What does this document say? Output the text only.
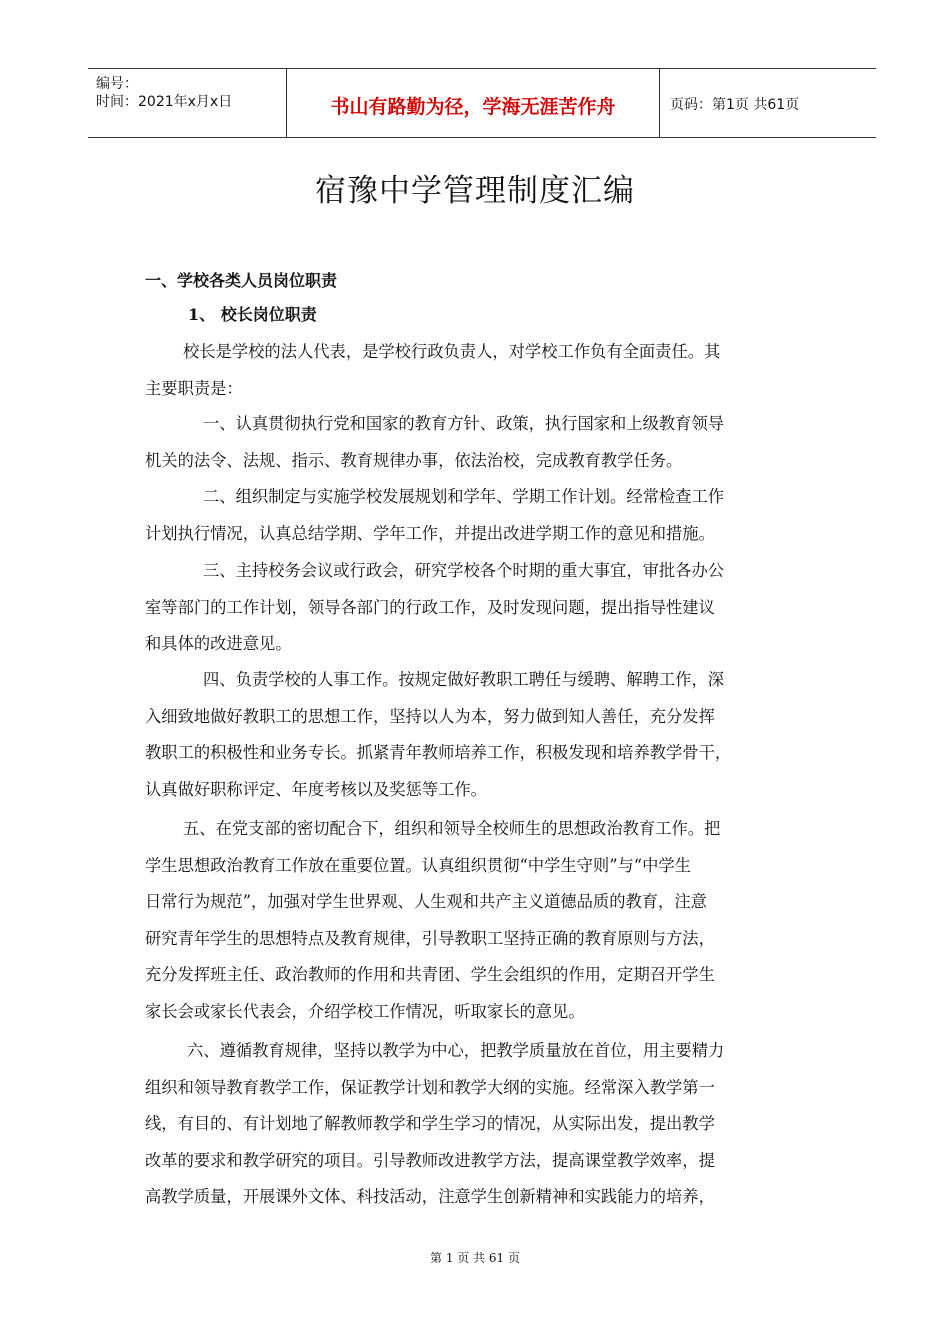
编号：
时间：2021年x月x日	书山有路勤为径，学海无涯苦作舟	页码：第1页 共61页
宿豫中学管理制度汇编
一、学校各类人员岗位职责
1、 校长岗位职责
校长是学校的法人代表，是学校行政负责人，对学校工作负有全面责任。其
主要职责是：
一、认真贯彻执行党和国家的教育方针、政策，执行国家和上级教育领导
机关的法令、法规、指示、教育规律办事，依法治校，完成教育教学任务。
二、组织制定与实施学校发展规划和学年、学期工作计划。经常检查工作
计划执行情况，认真总结学期、学年工作，并提出改进学期工作的意见和措施。
三、主持校务会议或行政会，研究学校各个时期的重大事宜，审批各办公
室等部门的工作计划，领导各部门的行政工作，及时发现问题，提出指导性建议
和具体的改进意见。
四、负责学校的人事工作。按规定做好教职工聘任与缓聘、解聘工作，深
入细致地做好教职工的思想工作，坚持以人为本，努力做到知人善任，充分发挥
教职工的积极性和业务专长。抓紧青年教师培养工作，积极发现和培养教学骨干，
认真做好职称评定、年度考核以及奖惩等工作。
五、在党支部的密切配合下，组织和领导全校师生的思想政治教育工作。把
学生思想政治教育工作放在重要位置。认真组织贯彻“中学生守则”与“中学生
日常行为规范”，加强对学生世界观、人生观和共产主义道德品质的教育，注意
研究青年学生的思想特点及教育规律，引导教职工坚持正确的教育原则与方法，
充分发挥班主任、政治教师的作用和共青团、学生会组织的作用，定期召开学生
家长会或家长代表会，介绍学校工作情况，听取家长的意见。
六、遵循教育规律，坚持以教学为中心，把教学质量放在首位，用主要精力
组织和领导教育教学工作，保证教学计划和教学大纲的实施。经常深入教学第一
线，有目的、有计划地了解教师教学和学生学习的情况，从实际出发，提出教学
改革的要求和教学研究的项目。引导教师改进教学方法，提高课堂教学效率，提
高教学质量，开展课外文体、科技活动，注意学生创新精神和实践能力的培养，
第 1 页 共 61 页
